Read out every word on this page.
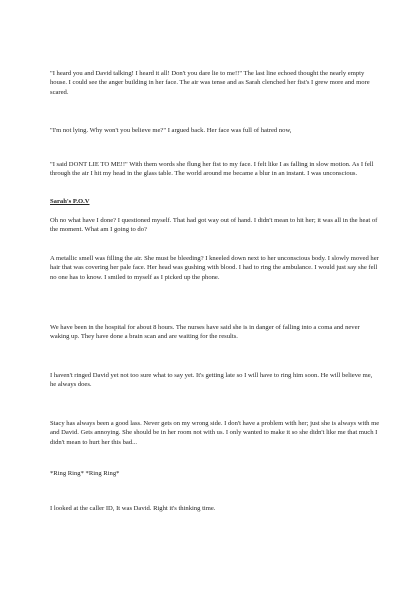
"I heard you and David talking! I heard it all! Don't you dare lie to me!!" The last line echoed thought the nearly empty house. I could see the anger building in her face. The air was tense and as Sarah clenched her fist's I grew more and more scared.

"I'm not lying. Why won't you believe me?" I argued back. Her face was full of hatred now,

"I said DONT LIE TO ME!!" With them words she flung her fist to my face. I felt like I as falling in slow motion. As I fell through the air I hit my head in the glass table. The world around me became a blur in an instant. I was unconscious.

Sarah's P.O.V

Oh no what have I done? I questioned myself. That had got way out of hand. I didn't mean to hit her; it was all in the heat of the moment. What am I going to do?

A metallic smell was filling the air. She must be bleeding? I kneeled down next to her unconscious body. I slowly moved her hair that was covering her pale face. Her head was gushing with blood. I had to ring the ambulance. I would just say she fell no one has to know. I smiled to myself as I picked up the phone.

We have been in the hospital for about 8 hours. The nurses have said she is in danger of falling into a coma and never waking up. They have done a brain scan and are waiting for the results.

I haven't ringed David yet not too sure what to say yet. It's getting late so I will have to ring him soon. He will believe me, he always does.

Stacy has always been a good lass. Never gets on my wrong side. I don't have a problem with her; just she is always with me and David. Gets annoying. She should be in her room not with us. I only wanted to make it so she didn't like me that much I didn't mean to hurt her this bad...

*Ring Ring* *Ring Ring*

I looked at the caller ID, It was David. Right it's thinking time.
